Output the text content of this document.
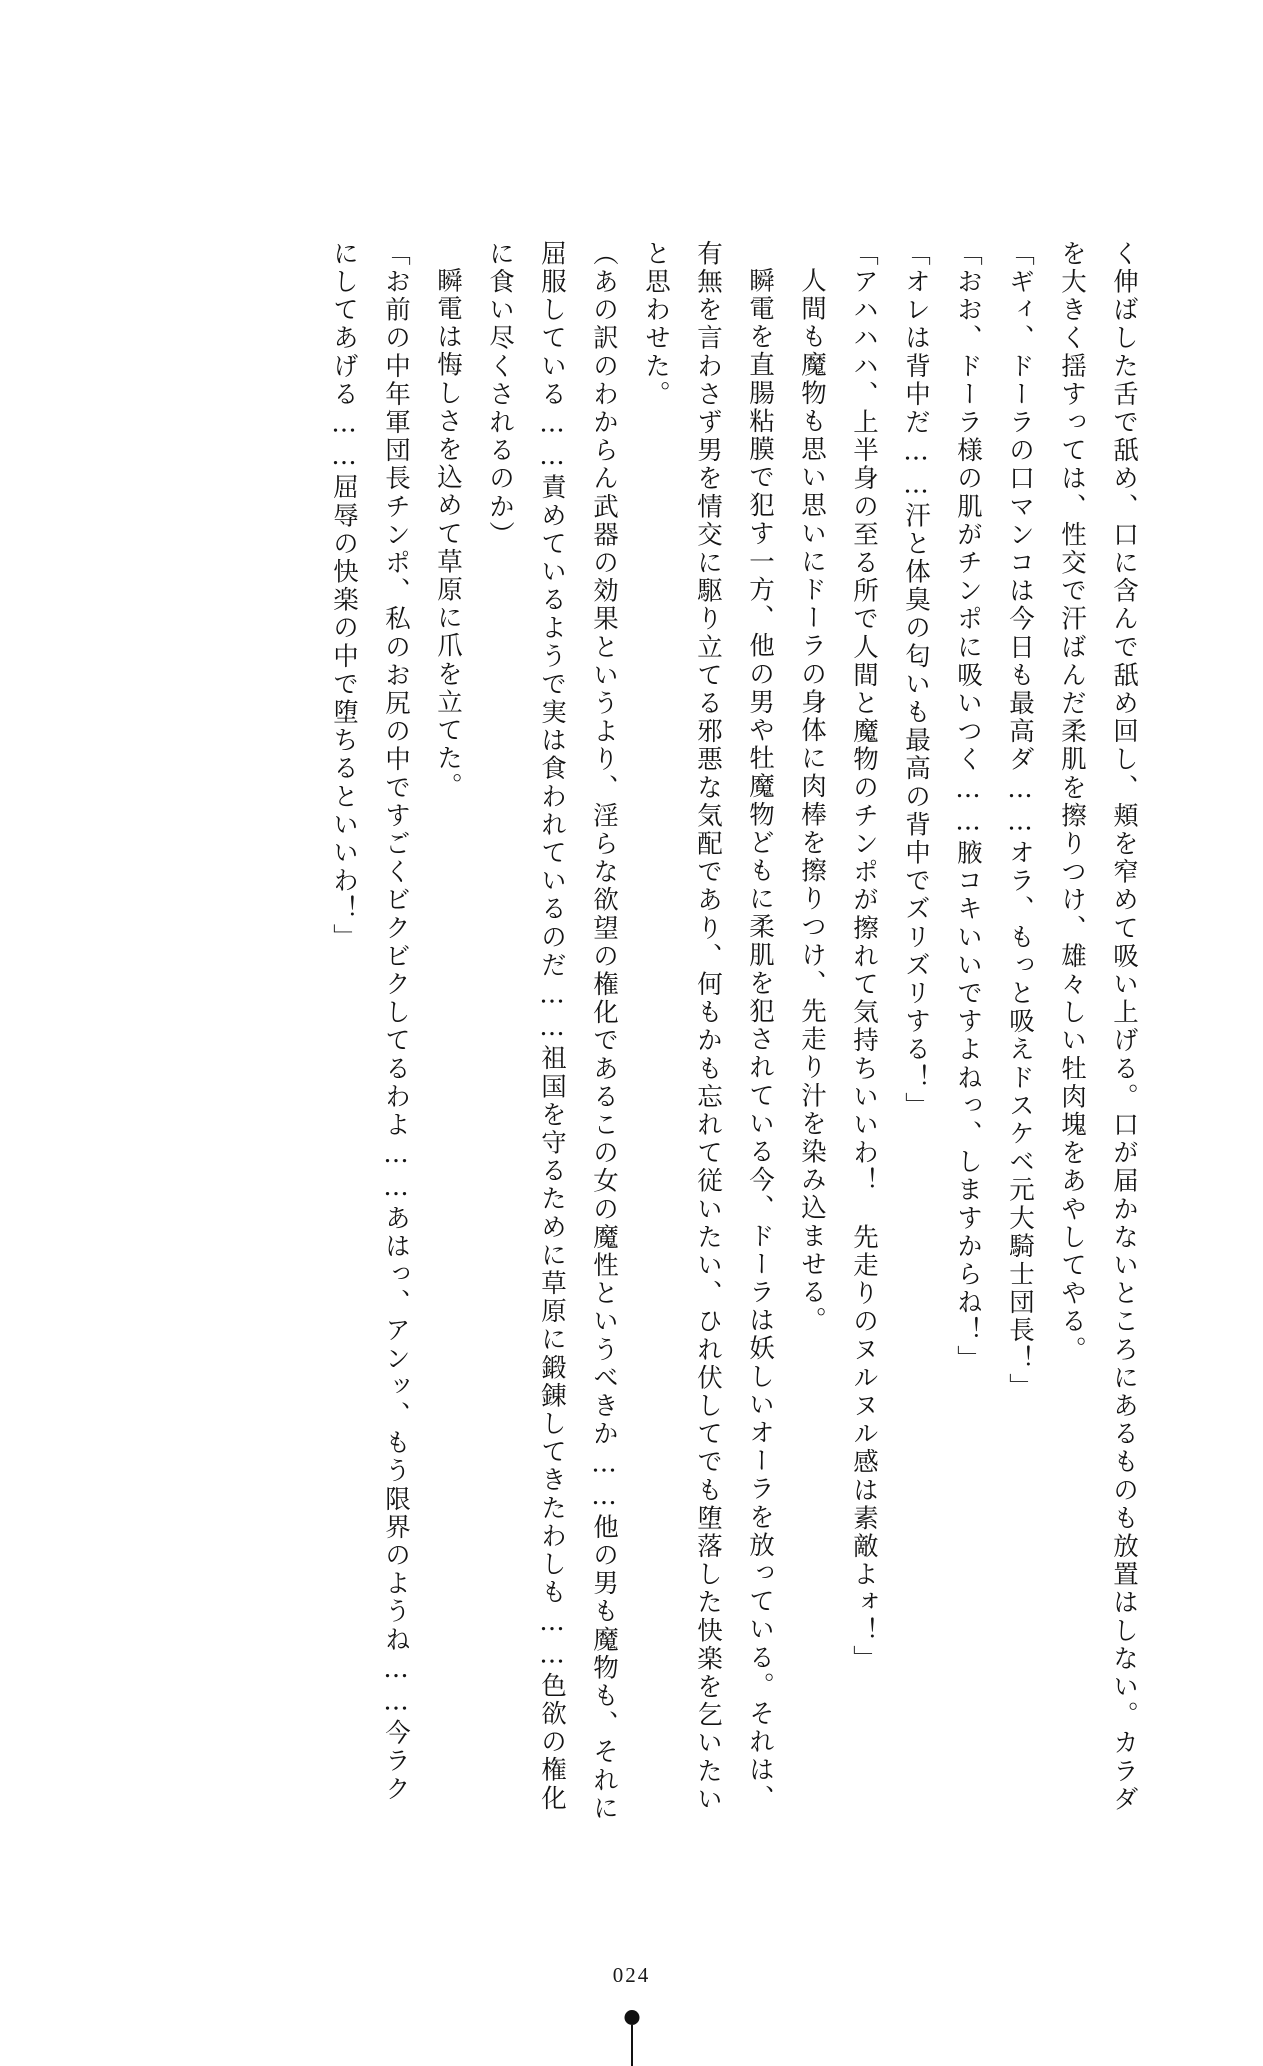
く伸ばした舌で舐め、口に含んで舐め回し、頬を窄めて吸い上げる。口が届かないところにあるものも放置はしない。カラダを大きく揺すっては、性交で汗ばんだ柔肌を擦りつけ、雄々しい牡肉塊をあやしてやる。

「ギィ、ドーラの口マンコは今日も最高ダ……オラ、もっと吸えドスケベ元大騎士団長！」

「おお、ドーラ様の肌がチンポに吸いつく……腋コキいいですよねっ、しますからね！」

「オレは背中だ……汗と体臭の匂いも最高の背中でズリズリする！」

「アハハハ、上半身の至る所で人間と魔物のチンポが擦れて気持ちいいわ！　先走りのヌルヌル感は素敵よォ！」

人間も魔物も思い思いにドーラの身体に肉棒を擦りつけ、先走り汁を染み込ませる。

瞬電を直腸粘膜で犯す一方、他の男や牡魔物どもに柔肌を犯されている今、ドーラは妖しいオーラを放っている。それは、有無を言わさず男を情交に駆り立てる邪悪な気配であり、何もかも忘れて従いたい、ひれ伏してでも堕落した快楽を乞いたいと思わせた。

（あの訳のわからん武器の効果というより、淫らな欲望の権化であるこの女の魔性というべきか……他の男も魔物も、それに屈服している……責めているようで実は食われているのだ……祖国を守るために草原に鍛錬してきたわしも……色欲の権化に食い尽くされるのか）

瞬電は悔しさを込めて草原に爪を立てた。

「お前の中年軍団長チンポ、私のお尻の中ですごくビクビクしてるわよ……あはっ、アンッ、もう限界のようね……今ラクにしてあげる……屈辱の快楽の中で堕ちるといいわ！」

024
